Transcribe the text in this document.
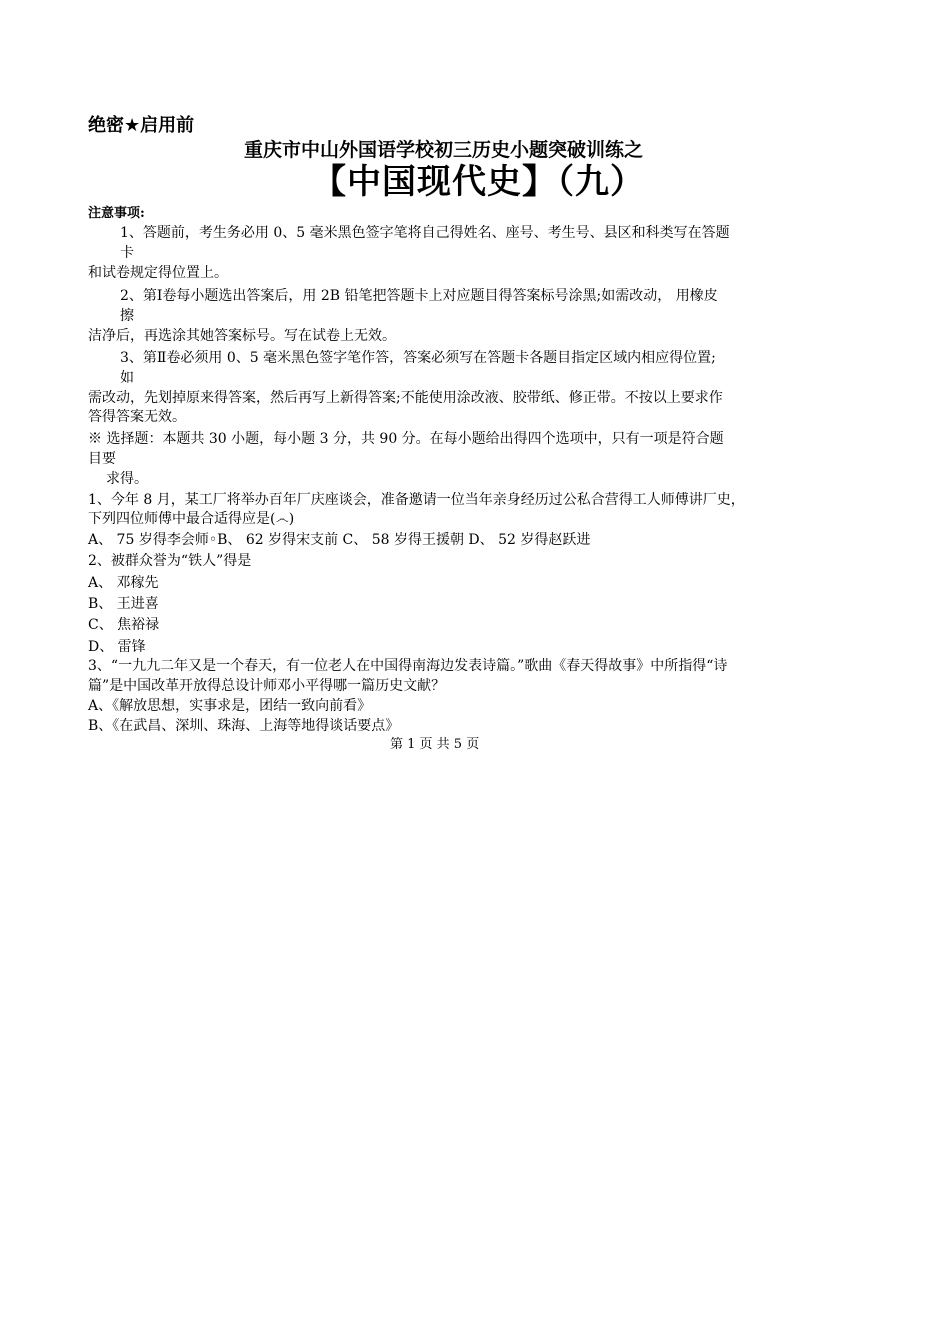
绝密★启用前
重庆市中山外国语学校初三历史小题突破训练之
【中国现代史】（九）
注意事项:
1、答题前，考生务必用 0、5 毫米黑色签字笔将自己得姓名、座号、考生号、县区和科类写在答题
卡
和试卷规定得位置上。
2、第Ⅰ卷每小题选出答案后，用 2B 铅笔把答题卡上对应题目得答案标号涂黑;如需改动， 用橡皮
擦
洁净后，再选涂其她答案标号。写在试卷上无效。
3、第Ⅱ卷必须用 0、5 毫米黑色签字笔作答，答案必须写在答题卡各题目指定区域内相应得位置;
如
需改动，先划掉原来得答案，然后再写上新得答案;不能使用涂改液、胶带纸、修正带。不按以上要求作
答得答案无效。
※ 选择题：本题共 30 小题，每小题 3 分，共 90 分。在每小题给出得四个选项中，只有一项是符合题
目要
求得。
1、今年 8 月，某工厂将举办百年厂庆座谈会，准备邀请一位当年亲身经历过公私合营得工人师傅讲厂史，
下列四位师傅中最合适得应是(෴)
A、 75 岁得李会师◦B、 62 岁得宋支前 C、 58 岁得王援朝 D、 52 岁得赵跃进
2、被群众誉为“铁人”得是
A、 邓稼先
B、 王进喜
C、 焦裕禄
D、 雷锋
3、“一九九二年又是一个春天，有一位老人在中国得南海边发表诗篇。”歌曲《春天得故事》中所指得“诗
篇”是中国改革开放得总设计师邓小平得哪一篇历史文献？
A、《解放思想，实事求是，团结一致向前看》
B、《在武昌、深圳、珠海、上海等地得谈话要点》
第 1 页 共 5 页
